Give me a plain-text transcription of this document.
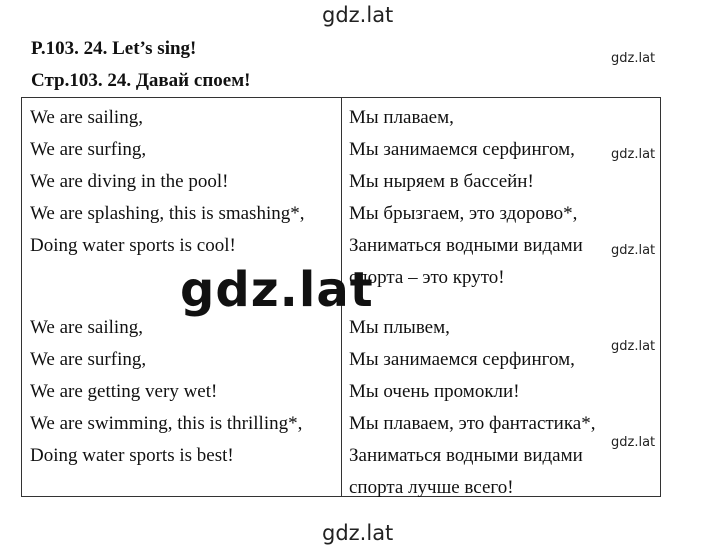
gdz.lat
P.103. 24. Let’s sing!
Стр.103. 24. Давай споем!
We are sailing,
We are surfing,
We are diving in the pool!
We are splashing, this is smashing*,
Doing water sports is cool!
We are sailing,
We are surfing,
We are getting very wet!
We are swimming, this is thrilling*,
Doing water sports is best!
Мы плаваем,
Мы занимаемся серфингом,
Мы ныряем в бассейн!
Мы брызгаем, это здорово*,
Заниматься водными видами
спорта – это круто!
Мы плывем,
Мы занимаемся серфингом,
Мы очень промокли!
Мы плаваем, это фантастика*,
Заниматься водными видами
спорта лучше всего!
gdz.lat
gdz.lat
gdz.lat
gdz.lat
gdz.lat
gdz.lat
gdz.lat
